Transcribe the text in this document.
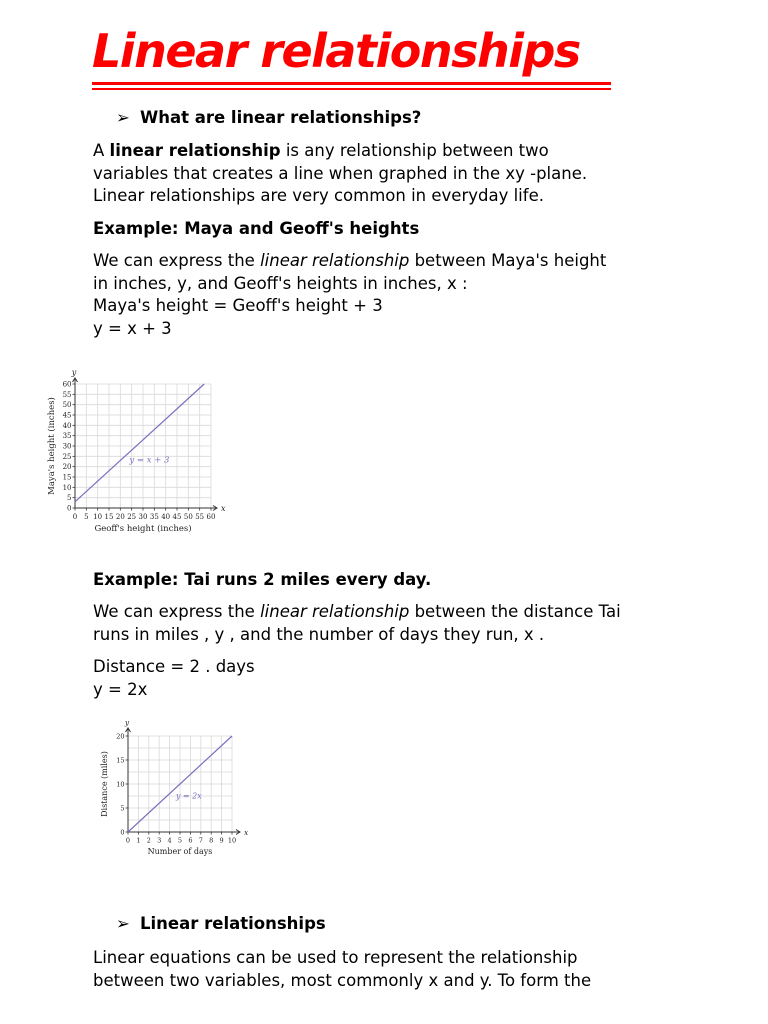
Linear relationships
➢ What are linear relationships?
A linear relationship is any relationship between two
variables that creates a line when graphed in the xy -plane.
Linear relationships are very common in everyday life.
Example: Maya and Geoff's heights
We can express the linear relationship between Maya's height
in inches, y, and Geoff's heights in inches, x :
Maya's height = Geoff's height + 3
y = x + 3
0 5 10 15 20 25 30 35 40 45 50 55 60
0
5
10
15
20
25
30
35
40
45
50
55
60
x
y
Geoff's height (inches)
Maya's height (inches)	y = x + 3
Example: Tai runs 2 miles every day.
We can express the linear relationship between the distance Tai
runs in miles , y , and the number of days they run, x .
Distance = 2 . days
y = 2x
0 1 2 3 4 5 6 7 8 9 10
0
5
10
15
20
x
y
Number of days
Distance (miles)	y = 2x
➢ Linear relationships
Linear equations can be used to represent the relationship
between two variables, most commonly x and y. To form the
